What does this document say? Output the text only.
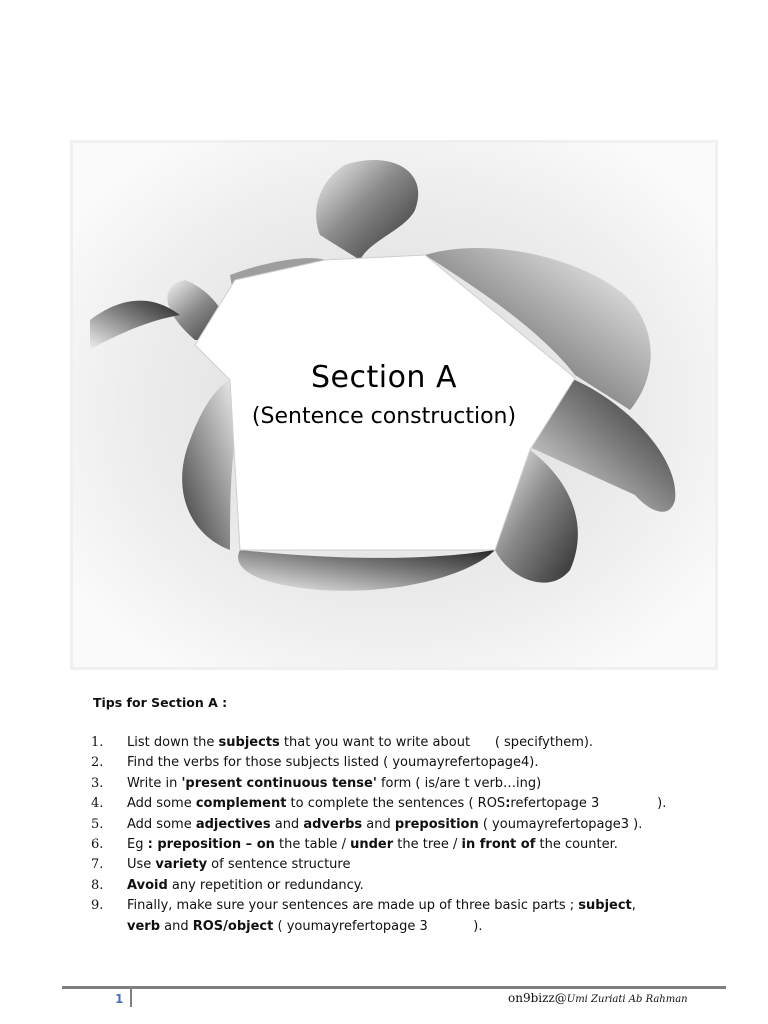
Section A
(Sentence construction)
Tips for Section A :
1.	List down the subjects that you want to write about      ( specifythem).
2.	Find the verbs for those subjects listed ( youmayrefertopage4).
3.	Write in 'present continuous tense' form ( is/are t verb…ing)
4.	Add some complement to complete the sentences ( ROS:refertopage 3              ).
5.	Add some adjectives and adverbs and preposition ( youmayrefertopage3 ).
6.	Eg : preposition – on the table / under the tree / in front of the counter.
7.	Use variety of sentence structure
8.	Avoid any repetition or redundancy.
9.	Finally, make sure your sentences are made up of three basic parts ; subject,
verb and ROS/object ( youmayrefertopage 3           ).
1	on9bizz@Umi Zuriati Ab Rahman
